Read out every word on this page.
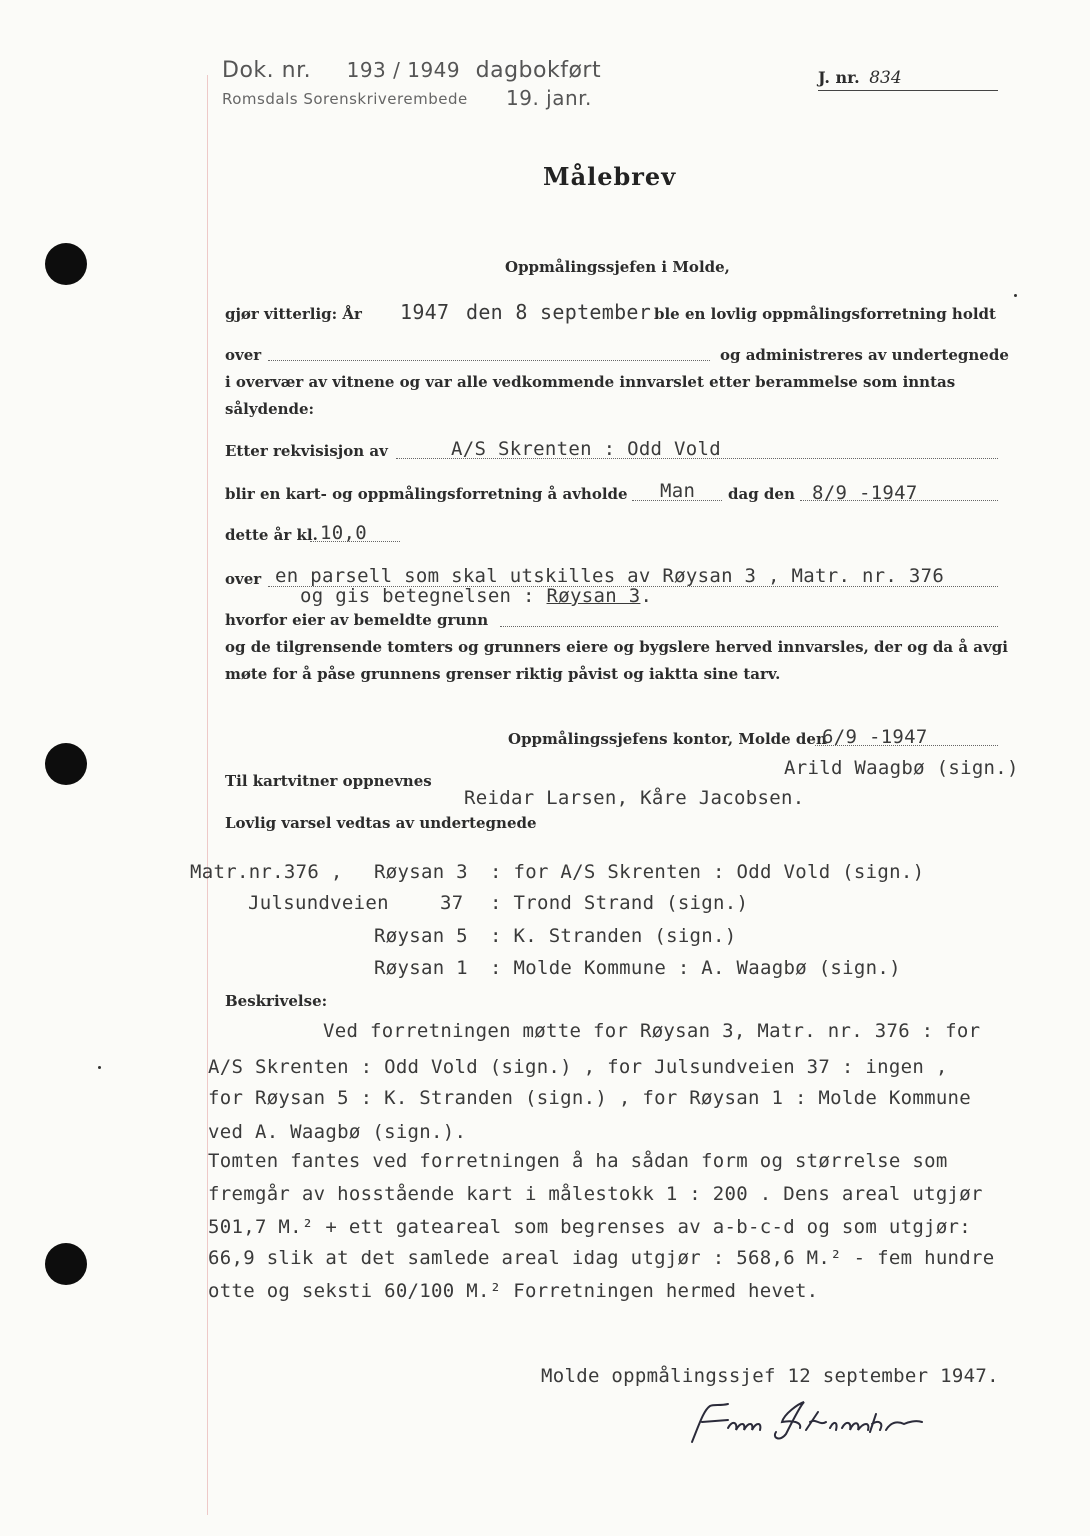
Dok. nr. 193 / 1949 dagbokført
Romsdals Sorenskriverembede 19. janr.
J. nr. 834
Målebrev
Oppmålingssjefen i Molde,
gjør vitterlig: År 1947 den 8 september ble en lovlig oppmålingsforretning holdt
over	og administreres av undertegnede
i overvær av vitnene og var alle vedkommende innvarslet etter berammelse som inntas
sålydende:
Etter rekvisisjon av	A/S Skrenten : Odd Vold
blir en kart- og oppmålingsforretning å avholde Man dag den 8/9 -1947
dette år kl. 10,0
over en parsell som skal utskilles av Røysan 3 , Matr. nr. 376
og gis betegnelsen : Røysan 3.
hvorfor eier av bemeldte grunn
og de tilgrensende tomters og grunners eiere og bygslere herved innvarsles, der og da å avgi
møte for å påse grunnens grenser riktig påvist og iaktta sine tarv.
Oppmålingssjefens kontor, Molde den
6/9 -1947
Arild Waagbø (sign.)
Til kartvitner oppnevnes
Reidar Larsen, Kåre Jacobsen.
Lovlig varsel vedtas av undertegnede
Matr.nr.376 , Røysan 3 : for A/S Skrenten : Odd Vold (sign.)
Julsundveien	37 : Trond Strand (sign.)
Røysan 5 : K. Stranden (sign.)
Røysan 1 : Molde Kommune : A. Waagbø (sign.)
Beskrivelse:
Ved forretningen møtte for Røysan 3, Matr. nr. 376 : for
A/S Skrenten : Odd Vold (sign.) , for Julsundveien 37 : ingen ,
for Røysan 5 : K. Stranden (sign.) , for Røysan 1 : Molde Kommune
ved A. Waagbø (sign.).
Tomten fantes ved forretningen å ha sådan form og størrelse som
fremgår av hosstående kart i målestokk 1 : 200 . Dens areal utgjør
501,7 M.² + ett gateareal som begrenses av a-b-c-d og som utgjør:
66,9 slik at det samlede areal idag utgjør : 568,6 M.² - fem hundre
otte og seksti 60/100 M.² Forretningen hermed hevet.
Molde oppmålingssjef 12 september 1947.
